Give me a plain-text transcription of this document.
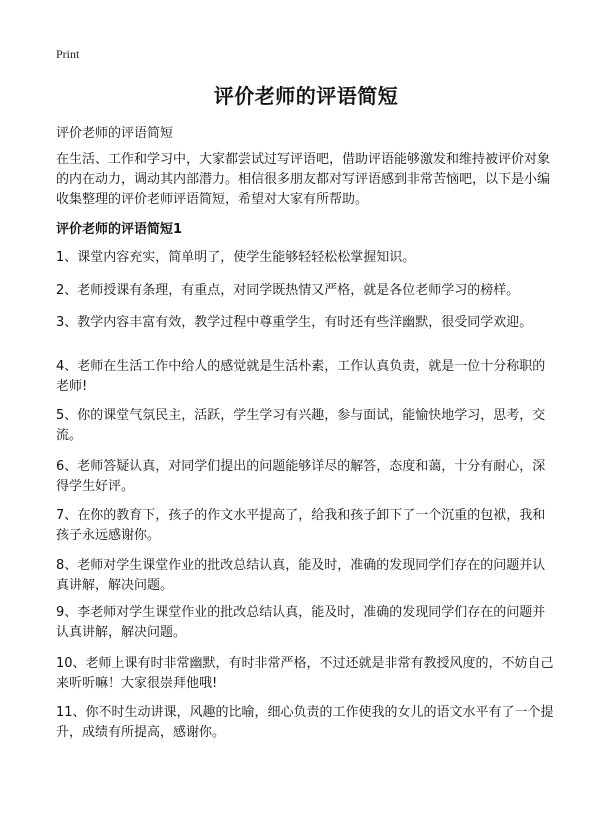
Print
评价老师的评语简短
评价老师的评语简短

在生活、工作和学习中，大家都尝试过写评语吧，借助评语能够激发和维持被评价对象的内在动力，调动其内部潜力。相信很多朋友都对写评语感到非常苦恼吧，以下是小编收集整理的评价老师评语简短，希望对大家有所帮助。

评价老师的评语简短1
1、课堂内容充实，简单明了，使学生能够轻轻松松掌握知识。
2、老师授课有条理，有重点，对同学既热情又严格，就是各位老师学习的榜样。
3、教学内容丰富有效，教学过程中尊重学生，有时还有些洋幽默，很受同学欢迎。
4、老师在生活工作中给人的感觉就是生活朴素，工作认真负责，就是一位十分称职的老师!
5、你的课堂气氛民主，活跃，学生学习有兴趣，参与面试，能愉快地学习，思考，交流。
6、老师答疑认真，对同学们提出的问题能够详尽的解答，态度和蔼，十分有耐心，深得学生好评。
7、在你的教育下，孩子的作文水平提高了，给我和孩子卸下了一个沉重的包袱，我和孩子永远感谢你。
8、老师对学生课堂作业的批改总结认真，能及时，准确的发现同学们存在的问题并认真讲解，解决问题。
9、李老师对学生课堂作业的批改总结认真，能及时，准确的发现同学们存在的问题并认真讲解，解决问题。
10、老师上课有时非常幽默，有时非常严格，不过还就是非常有教授风度的，不妨自己来听听嘛！大家很崇拜他哦!
11、你不时生动讲课，风趣的比喻，细心负责的工作使我的女儿的语文水平有了一个提升，成绩有所提高，感谢你。
